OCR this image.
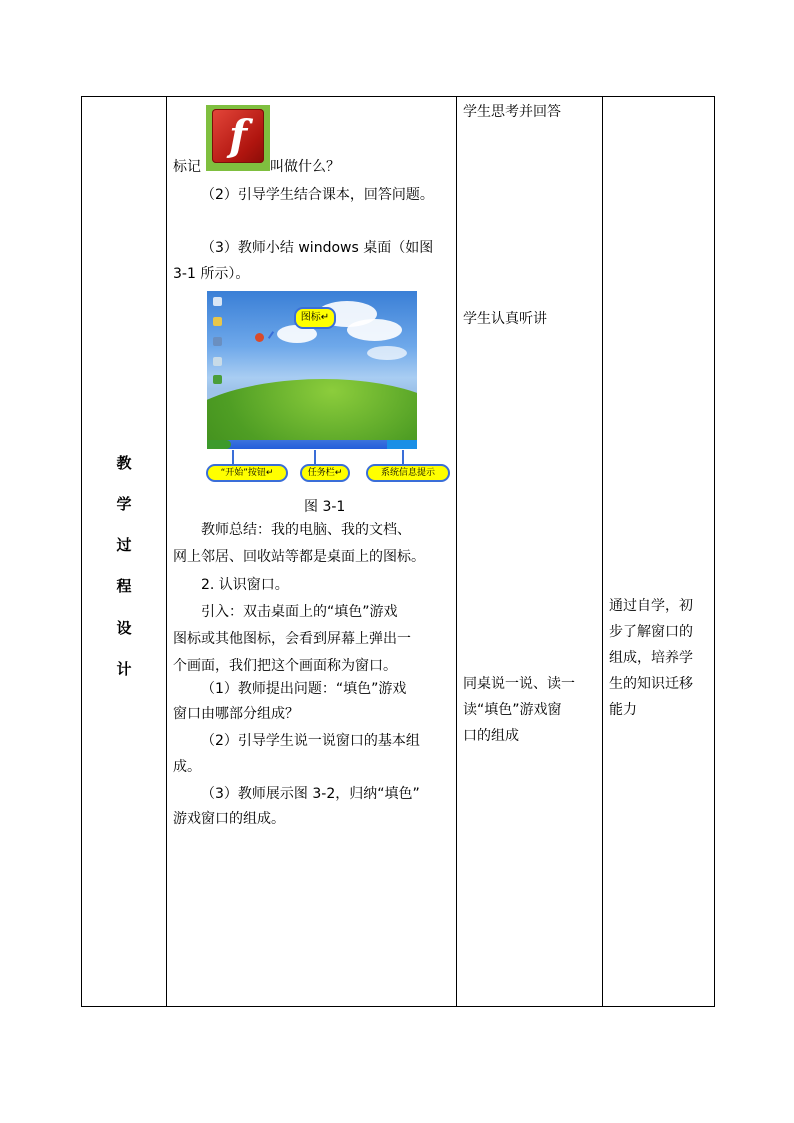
教
学
过
程
设
计
标记
f
叫做什么？
（2）引导学生结合课本，回答问题。
（3）教师小结 windows 桌面（如图
3-1 所示）。
图标↵
“开始”按钮↵	任务栏↵	系统信息提示
图 3-1
教师总结：我的电脑、我的文档、
网上邻居、回收站等都是桌面上的图标。
2. 认识窗口。
引入：双击桌面上的“填色”游戏
图标或其他图标，会看到屏幕上弹出一
个画面，我们把这个画面称为窗口。
（1）教师提出问题：“填色”游戏
窗口由哪部分组成？
（2）引导学生说一说窗口的基本组
成。
（3）教师展示图 3-2，归纳“填色”
游戏窗口的组成。
学生思考并回答
学生认真听讲
同桌说一说、读一
读“填色”游戏窗
口的组成
通过自学，初
步了解窗口的
组成，培养学
生的知识迁移
能力
